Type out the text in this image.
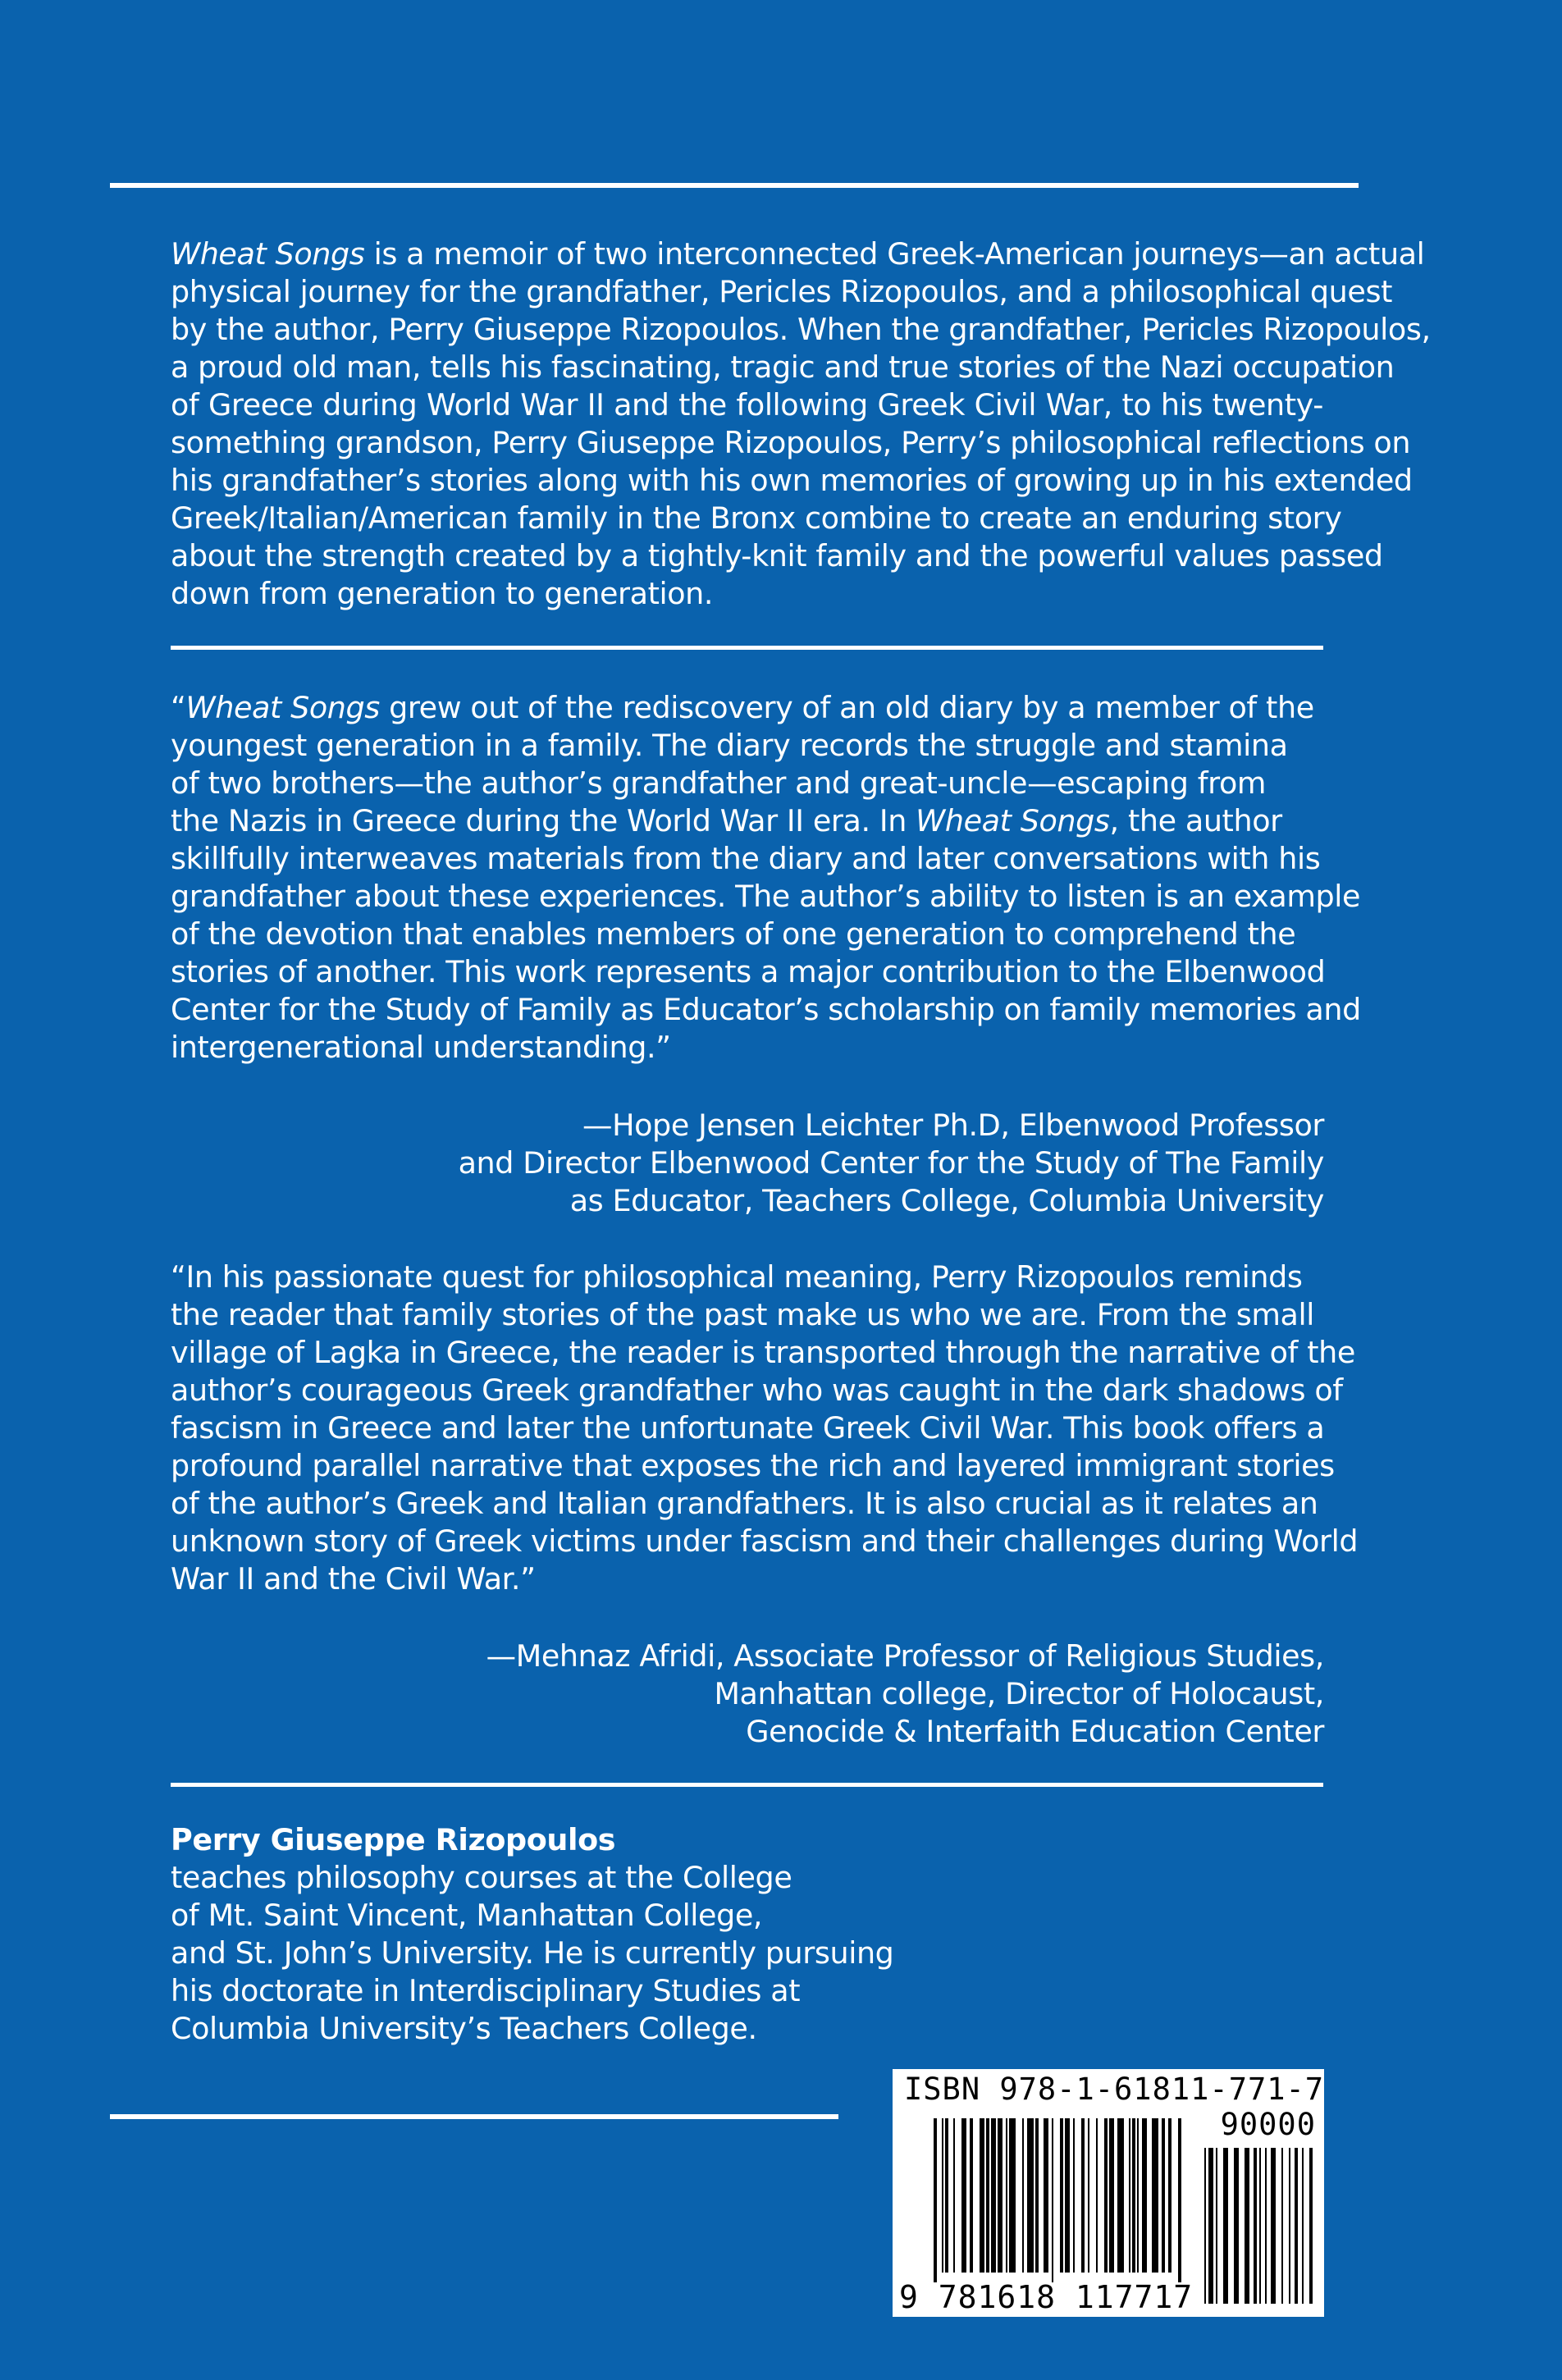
Wheat Songs is a memoir of two interconnected Greek-American journeys—an actual
physical journey for the grandfather, Pericles Rizopoulos, and a philosophical quest
by the author, Perry Giuseppe Rizopoulos. When the grandfather, Pericles Rizopoulos,
a proud old man, tells his fascinating, tragic and true stories of the Nazi occupation
of Greece during World War II and the following Greek Civil War, to his twenty-
something grandson, Perry Giuseppe Rizopoulos, Perry’s philosophical reflections on
his grandfather’s stories along with his own memories of growing up in his extended
Greek/Italian/American family in the Bronx combine to create an enduring story
about the strength created by a tightly-knit family and the powerful values passed
down from generation to generation.
“Wheat Songs grew out of the rediscovery of an old diary by a member of the
youngest generation in a family. The diary records the struggle and stamina
of two brothers—the author’s grandfather and great-uncle—escaping from
the Nazis in Greece during the World War II era. In Wheat Songs, the author
skillfully interweaves materials from the diary and later conversations with his
grandfather about these experiences. The author’s ability to listen is an example
of the devotion that enables members of one generation to comprehend the
stories of another. This work represents a major contribution to the Elbenwood
Center for the Study of Family as Educator’s scholarship on family memories and
intergenerational understanding.”
—Hope Jensen Leichter Ph.D, Elbenwood Professor
and Director Elbenwood Center for the Study of The Family
as Educator, Teachers College, Columbia University
“In his passionate quest for philosophical meaning, Perry Rizopoulos reminds
the reader that family stories of the past make us who we are. From the small
village of Lagka in Greece, the reader is transported through the narrative of the
author’s courageous Greek grandfather who was caught in the dark shadows of
fascism in Greece and later the unfortunate Greek Civil War. This book offers a
profound parallel narrative that exposes the rich and layered immigrant stories
of the author’s Greek and Italian grandfathers. It is also crucial as it relates an
unknown story of Greek victims under fascism and their challenges during World
War II and the Civil War.”
—Mehnaz Afridi, Associate Professor of Religious Studies,
Manhattan college, Director of Holocaust,
Genocide & Interfaith Education Center
Perry Giuseppe Rizopoulos
teaches philosophy courses at the College
of Mt. Saint Vincent, Manhattan College,
and St. John’s University. He is currently pursuing
his doctorate in Interdisciplinary Studies at
Columbia University’s Teachers College.
ISBN 978-1-61811-771-7
90000
9 781618 117717
